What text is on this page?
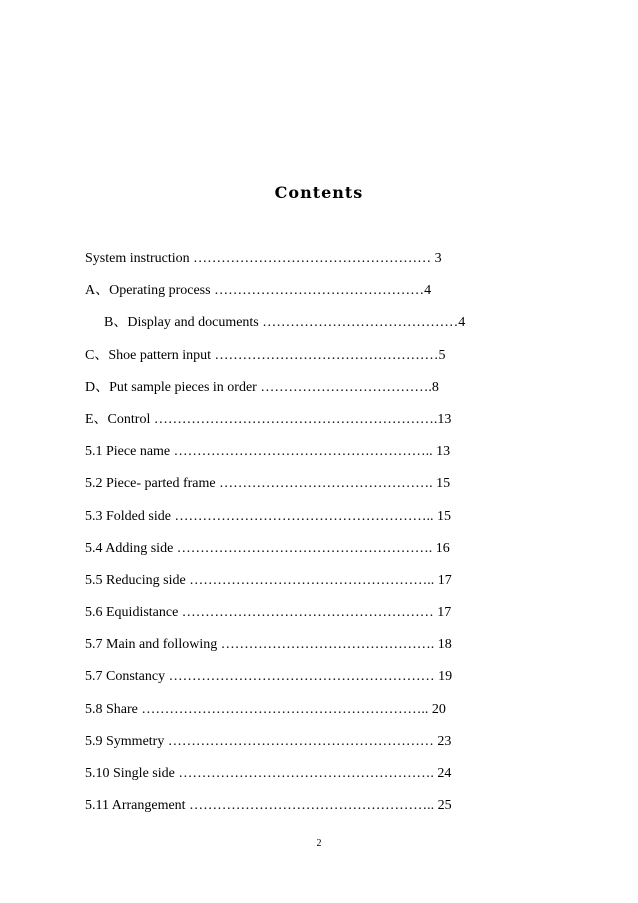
Contents
System instruction …………………………………………… 3
A、Operating process ………………………………………4
B、Display and documents ……………………………………4
C、Shoe pattern input …………………………………………5
D、Put sample pieces in order ……………………………….8
E、Control …………………………………………………….13
5.1 Piece name ……………………………………………….. 13
5.2 Piece- parted frame ………………………………………. 15
5.3 Folded side ……………………………………………….. 15
5.4 Adding side ………………………………………………. 16
5.5 Reducing side …………………………………………….. 17
5.6 Equidistance ……………………………………………… 17
5.7 Main and following ………………………………………. 18
5.7 Constancy ………………………………………………… 19
5.8 Share …………………………………………………….. 20
5.9 Symmetry ………………………………………………… 23
5.10 Single side ………………………………………………. 24
5.11 Arrangement …………………………………………….. 25
2
